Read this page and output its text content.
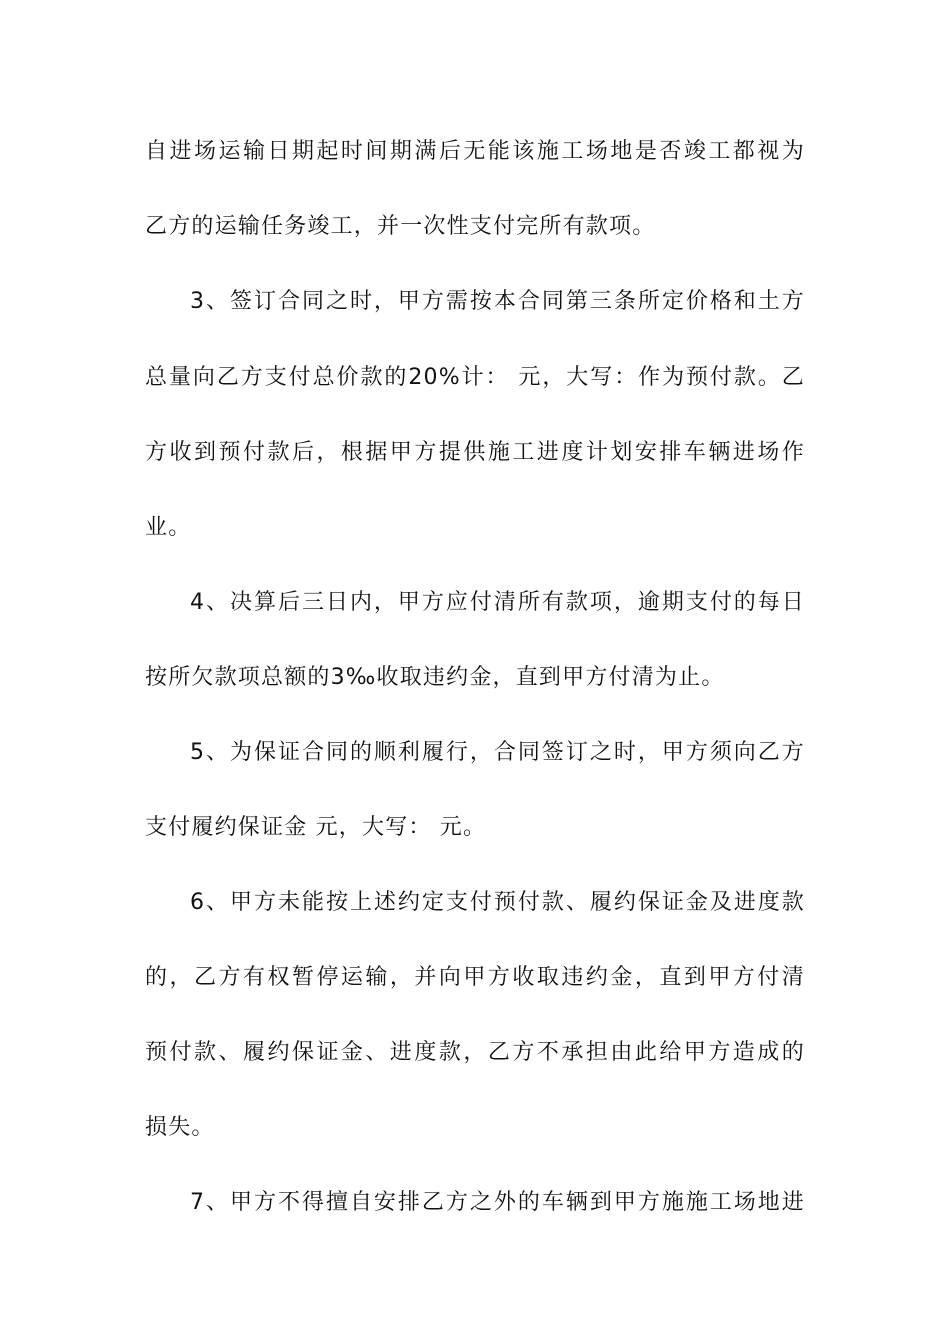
自进场运输日期起时间期满后无能该施工场地是否竣工都视为
乙方的运输任务竣工，并一次性支付完所有款项。
3、签订合同之时，甲方需按本合同第三条所定价格和土方
总量向乙方支付总价款的20%计： 元，大写：作为预付款。乙
方收到预付款后，根据甲方提供施工进度计划安排车辆进场作
业。
4、决算后三日内，甲方应付清所有款项，逾期支付的每日
按所欠款项总额的3‰收取违约金，直到甲方付清为止。
5、为保证合同的顺利履行，合同签订之时，甲方须向乙方
支付履约保证金 元，大写： 元。
6、甲方未能按上述约定支付预付款、履约保证金及进度款
的，乙方有权暂停运输，并向甲方收取违约金，直到甲方付清
预付款、履约保证金、进度款，乙方不承担由此给甲方造成的
损失。
7、甲方不得擅自安排乙方之外的车辆到甲方施施工场地进
